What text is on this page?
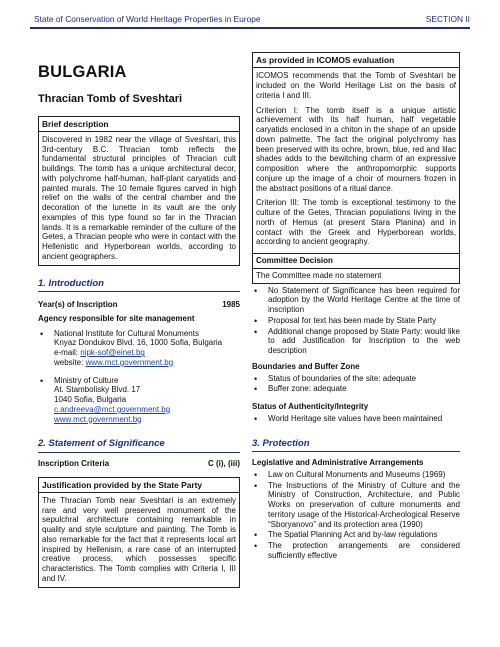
State of Conservation of World Heritage Properties in Europe	SECTION II
BULGARIA
Thracian Tomb of Sveshtari
Brief description
Discovered in 1982 near the village of Sveshtari, this 3rd-century B.C. Thracian tomb reflects the fundamental structural principles of Thracian cult buildings. The tomb has a unique architectural decor, with polychrome half-human, half-plant caryatids and painted murals. The 10 female figures carved in high relief on the walls of the central chamber and the decoration of the lunette in its vault are the only examples of this type found so far in the Thracian lands. It is a remarkable reminder of the culture of the Getes, a Thracian people who were in contact with the Hellenistic and Hyperborean worlds, according to ancient geographers.
1. Introduction
Year(s) of Inscription	1985
Agency responsible for site management
• National Institute for Cultural Monuments
Knyaz Dondukov Blvd. 16, 1000 Sofia, Bulgaria
e-mail: nipk-sof@einet.bg
website: www.mct.government.bg
• Ministry of Culture
At. Stambolisky Blvd. 17
1040 Sofia, Bulgaria
c.andreeva@mct.government.bg
www.mct.government.bg
2. Statement of Significance
Inscription Criteria	C (i), (iii)
Justification provided by the State Party
The Thracian Tomb near Sveshtari is an extremely rare and very well preserved monument of the sepulchral architecture containing remarkable in quality and style sculpture and painting. The Tomb is also remarkable for the fact that it represents local art inspired by Hellenism, a rare case of an interrupted creative process, which possesses specific characteristics. The Tomb complies with Criteria I, III and IV.
As provided in ICOMOS evaluation

ICOMOS recommends that the Tomb of Sveshtari be included on the World Heritage List on the basis of criteria I and III.

Criterion I: The tomb itself is a unique artistic achievement with its half human, half vegetable caryatids enclosed in a chiton in the shape of an upside down palmette. The fact the original polychromy has been preserved with its ochre, brown, blue, red and lilac shades adds to the bewitching charm of an expressive composition where the anthropomorphic supports conjure up the image of a choir of mourners frozen in the abstract positions of a ritual dance.

Criterion III: The tomb is exceptional testimony to the culture of the Getes, Thracian populations living in the north of Hemus (at present Stara Planina) and in contact with the Greek and Hyperborean worlds, according to ancient geography.

Committee Decision
The Committee made no statement
• No Statement of Significance has been required for adoption by the World Heritage Centre at the time of inscription
• Proposal for text has been made by State Party
• Additional change proposed by State Party: would like to add Justification for Inscription to the web description
Boundaries and Buffer Zone
• Status of boundaries of the site: adequate
• Buffer zone: adequate
Status of Authenticity/Integrity
• World Heritage site values have been maintained
3. Protection
Legislative and Administrative Arrangements
• Law on Cultural Monuments and Museums (1969)
• The Instructions of the Ministry of Culture and the Ministry of Construction, Architecture, and Public Works on preservation of culture monuments and territory usage of the Historical-Archeological Reserve “Sboryanovo” and its protection area (1990)
• The Spatial Planning Act and by-law regulations
• The protection arrangements are considered sufficiently effective
